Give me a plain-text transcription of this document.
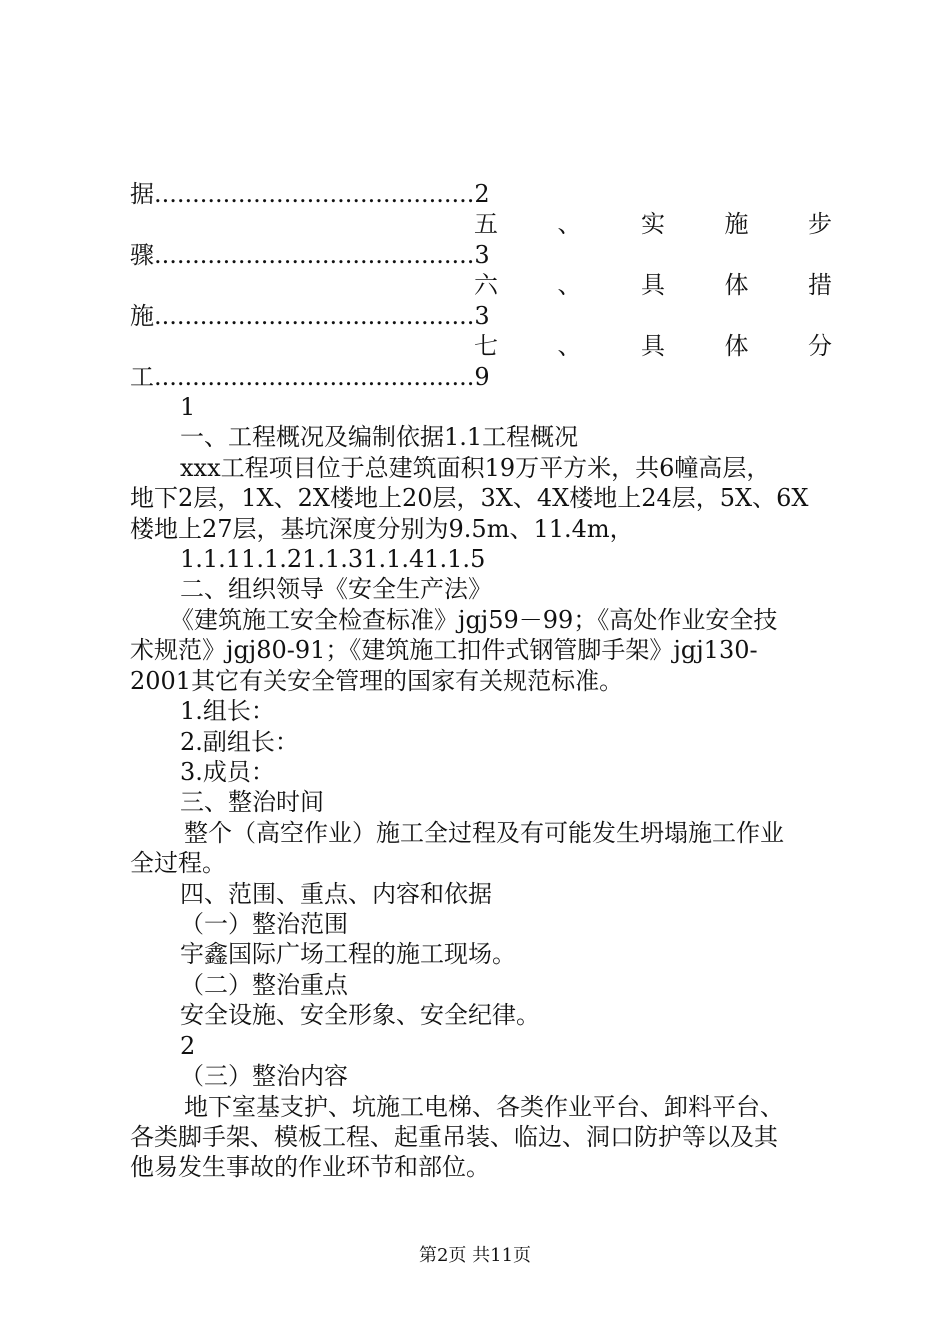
据..........................................2
五 、 实 施 步
骤..........................................3
六 、 具 体 措
施..........................................3
七 、 具 体 分
工..........................................9
1
一、工程概况及编制依据1.1工程概况
xxx工程项目位于总建筑面积19万平方米，共6幢高层，
地下2层，1X、2X楼地上20层，3X、4X楼地上24层，5X、6X
楼地上27层，基坑深度分别为9.5m、11.4m，
1.1.11.1.21.1.31.1.41.1.5
二、组织领导《安全生产法》
《建筑施工安全检查标准》jgj59－99；《高处作业安全技
术规范》jgj80-91；《建筑施工扣件式钢管脚手架》jgj130-
2001其它有关安全管理的国家有关规范标准。
1.组长：
2.副组长：
3.成员：
三、整治时间
整个（高空作业）施工全过程及有可能发生坍塌施工作业
全过程。
四、范围、重点、内容和依据
（一）整治范围
宇鑫国际广场工程的施工现场。
（二）整治重点
安全设施、安全形象、安全纪律。
2
（三）整治内容
地下室基支护、坑施工电梯、各类作业平台、卸料平台、
各类脚手架、模板工程、起重吊装、临边、洞口防护等以及其
他易发生事故的作业环节和部位。
第2页 共11页
